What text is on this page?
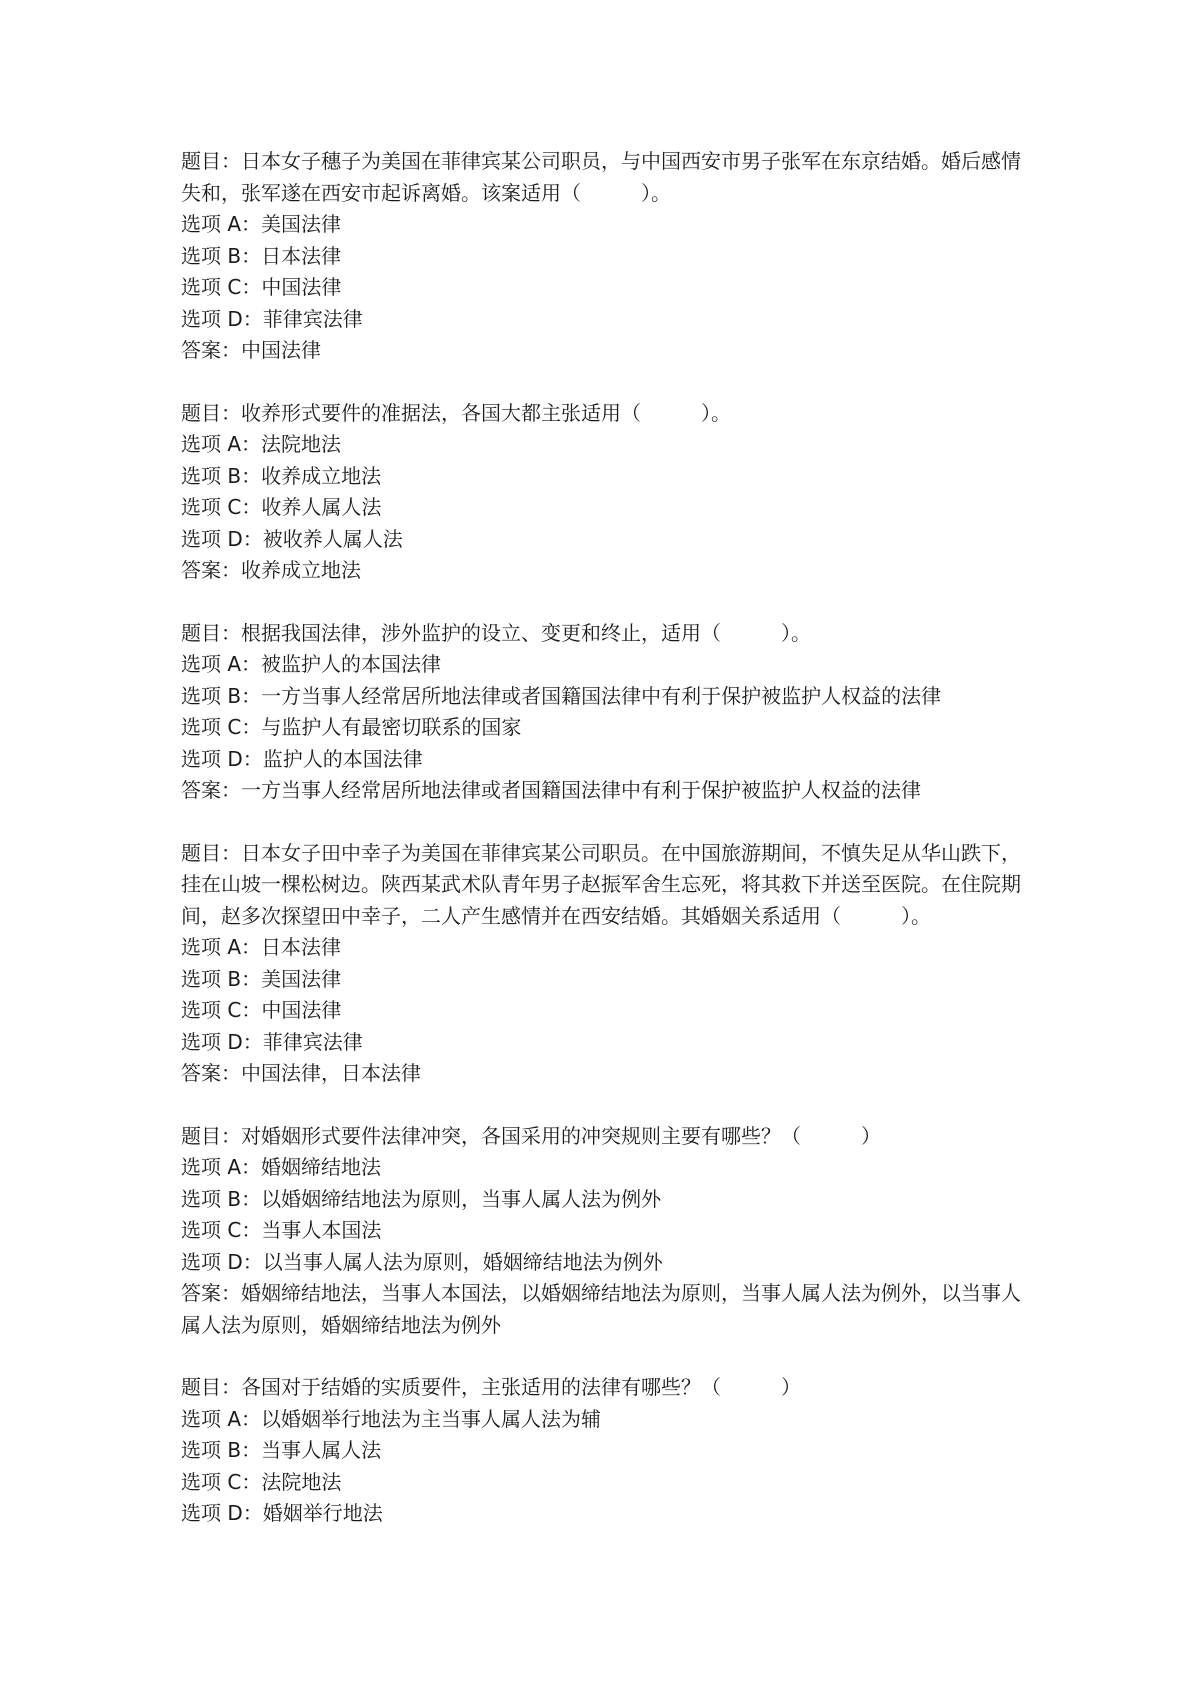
题目：日本女子穗子为美国在菲律宾某公司职员，与中国西安市男子张军在东京结婚。婚后感情失和，张军遂在西安市起诉离婚。该案适用（　　　）。
选项 A：美国法律
选项 B：日本法律
选项 C：中国法律
选项 D：菲律宾法律
答案：中国法律
题目：收养形式要件的准据法，各国大都主张适用（　　　）。
选项 A：法院地法
选项 B：收养成立地法
选项 C：收养人属人法
选项 D：被收养人属人法
答案：收养成立地法
题目：根据我国法律，涉外监护的设立、变更和终止，适用（　　　）。
选项 A：被监护人的本国法律
选项 B：一方当事人经常居所地法律或者国籍国法律中有利于保护被监护人权益的法律
选项 C：与监护人有最密切联系的国家
选项 D：监护人的本国法律
答案：一方当事人经常居所地法律或者国籍国法律中有利于保护被监护人权益的法律
题目：日本女子田中幸子为美国在菲律宾某公司职员。在中国旅游期间，不慎失足从华山跌下，挂在山坡一棵松树边。陕西某武术队青年男子赵振军舍生忘死，将其救下并送至医院。在住院期间，赵多次探望田中幸子，二人产生感情并在西安结婚。其婚姻关系适用（　　　）。
选项 A：日本法律
选项 B：美国法律
选项 C：中国法律
选项 D：菲律宾法律
答案：中国法律，日本法律
题目：对婚姻形式要件法律冲突，各国采用的冲突规则主要有哪些？（　　　）
选项 A：婚姻缔结地法
选项 B：以婚姻缔结地法为原则，当事人属人法为例外
选项 C：当事人本国法
选项 D：以当事人属人法为原则，婚姻缔结地法为例外
答案：婚姻缔结地法，当事人本国法，以婚姻缔结地法为原则，当事人属人法为例外，以当事人属人法为原则，婚姻缔结地法为例外
题目：各国对于结婚的实质要件，主张适用的法律有哪些？（　　　）
选项 A：以婚姻举行地法为主当事人属人法为辅
选项 B：当事人属人法
选项 C：法院地法
选项 D：婚姻举行地法
